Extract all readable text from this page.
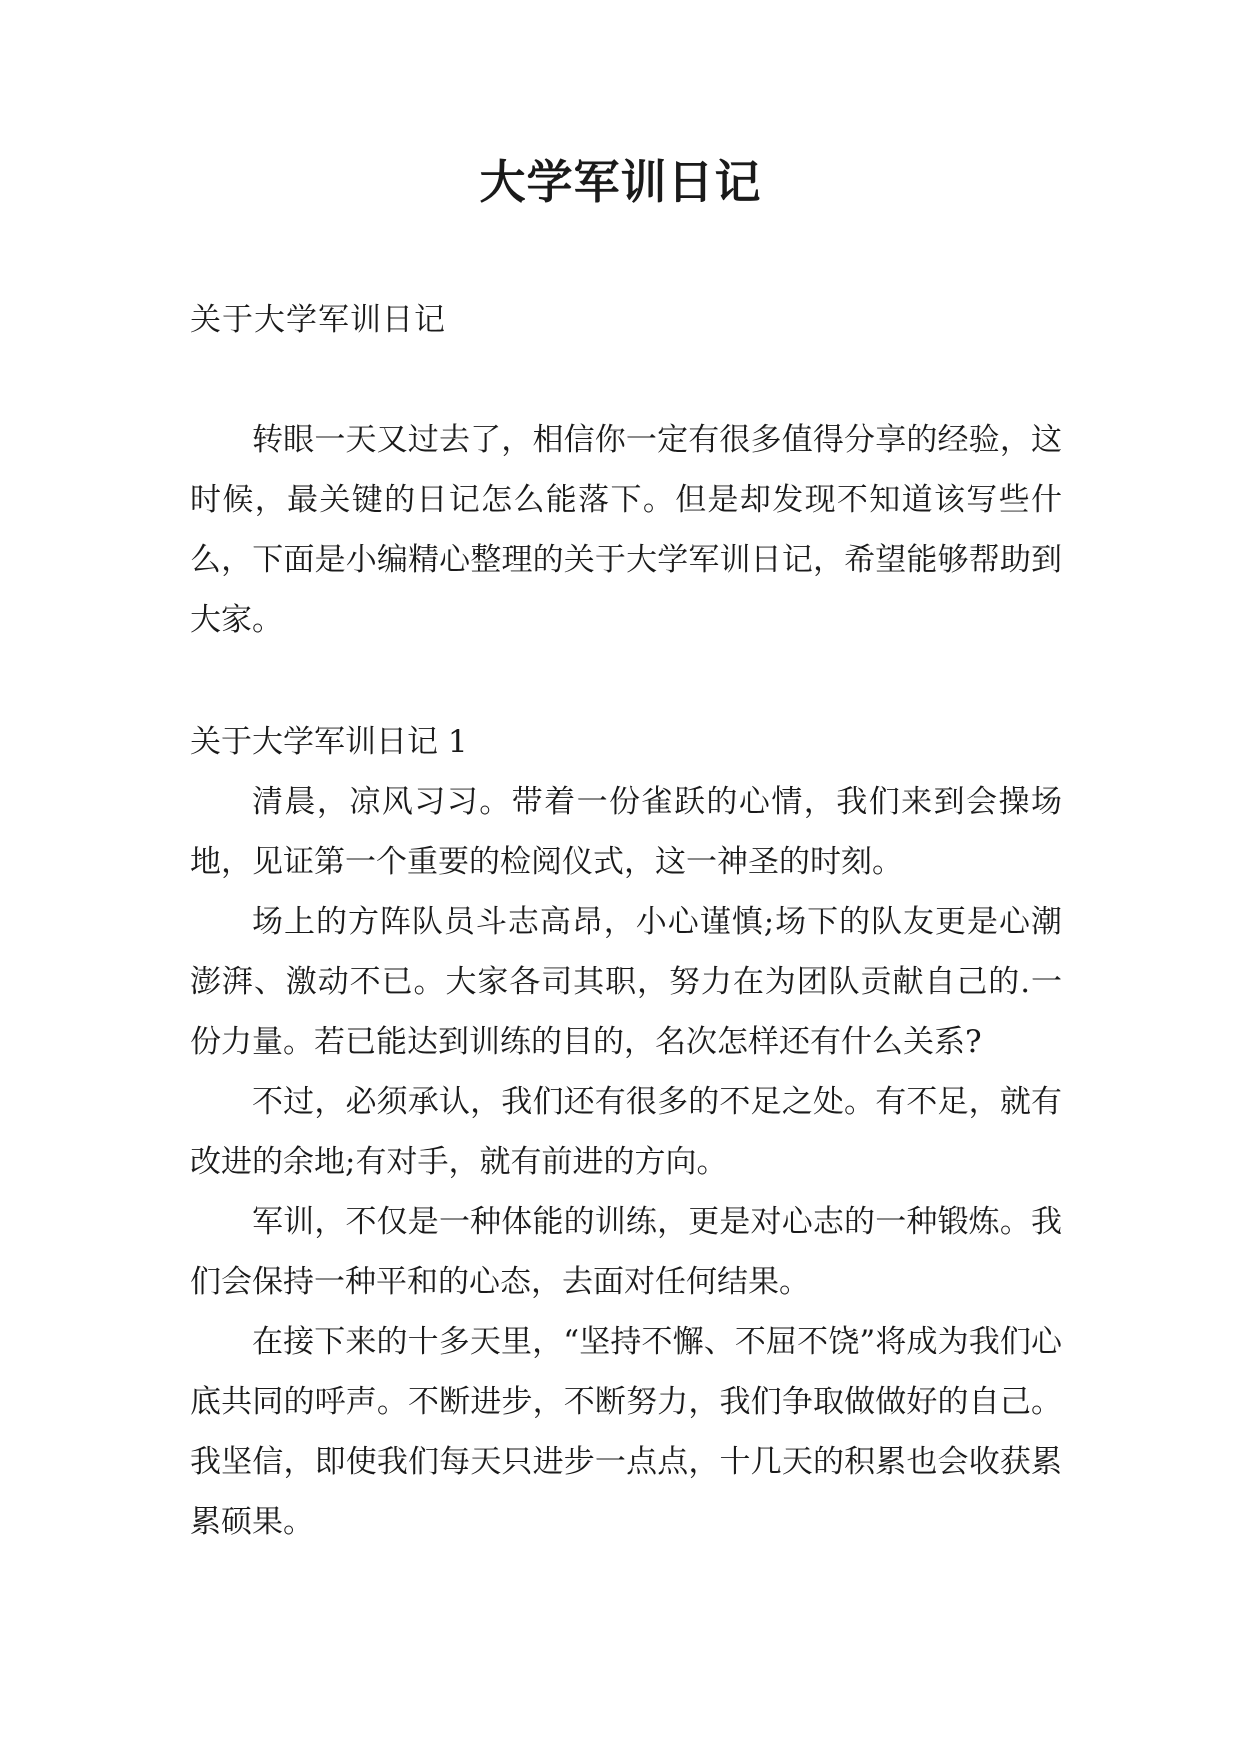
大学军训日记

关于大学军训日记

转眼一天又过去了，相信你一定有很多值得分享的经验，这时候，最关键的日记怎么能落下。但是却发现不知道该写些什么，下面是小编精心整理的关于大学军训日记，希望能够帮助到大家。

关于大学军训日记 1

清晨，凉风习习。带着一份雀跃的心情，我们来到会操场地，见证第一个重要的检阅仪式，这一神圣的时刻。

场上的方阵队员斗志高昂，小心谨慎;场下的队友更是心潮澎湃、激动不已。大家各司其职，努力在为团队贡献自己的.一份力量。若已能达到训练的目的，名次怎样还有什么关系?

不过，必须承认，我们还有很多的不足之处。有不足，就有改进的余地;有对手，就有前进的方向。

军训，不仅是一种体能的训练，更是对心志的一种锻炼。我们会保持一种平和的心态，去面对任何结果。

在接下来的十多天里，“坚持不懈、不屈不饶”将成为我们心底共同的呼声。不断进步，不断努力，我们争取做做好的自己。我坚信，即使我们每天只进步一点点，十几天的积累也会收获累累硕果。
